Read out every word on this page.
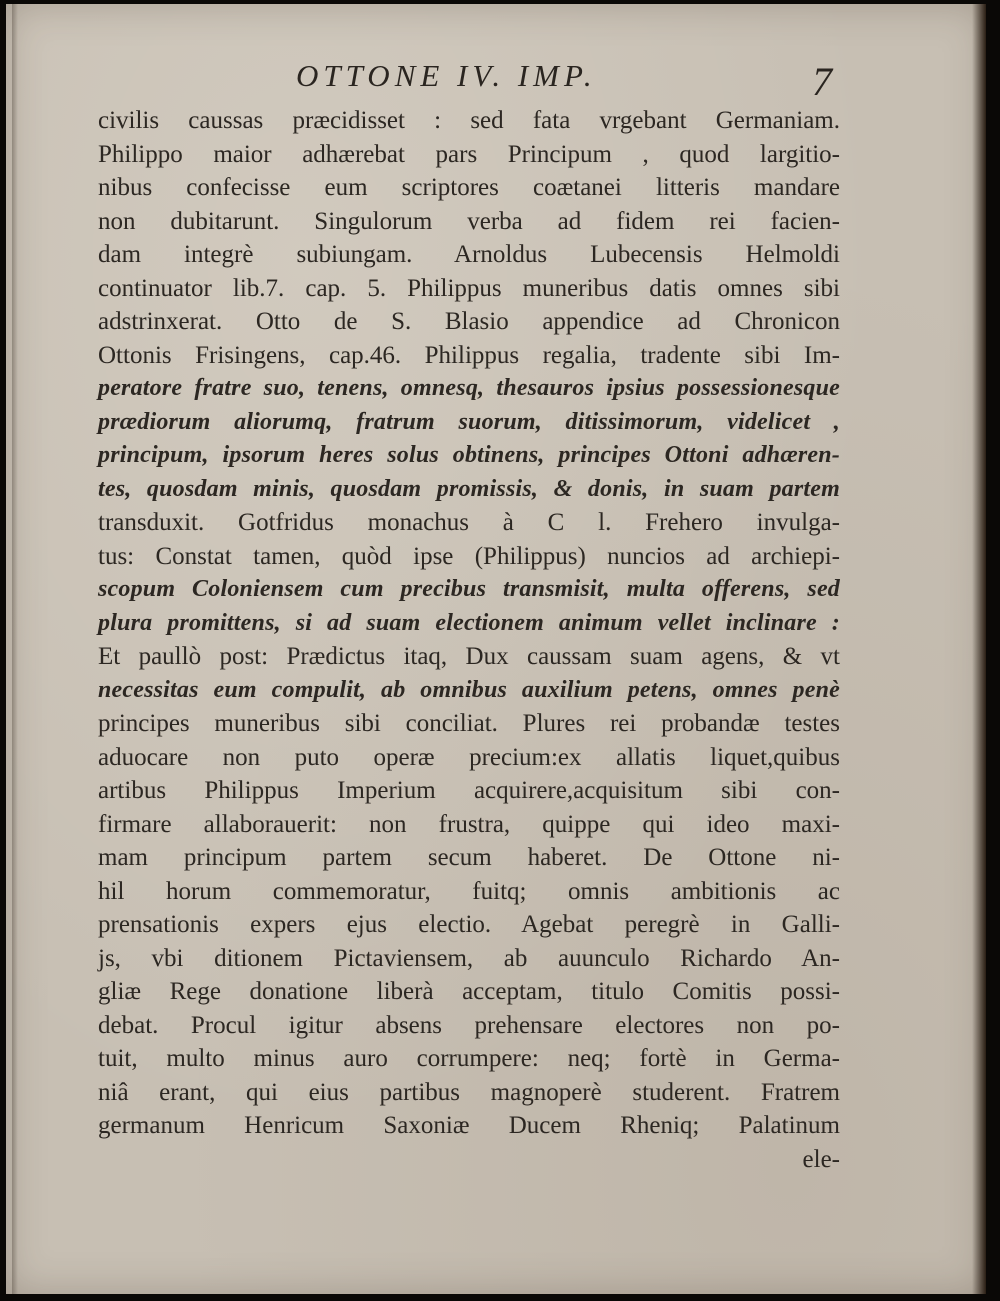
OTTONE IV. IMP.	7
civilis caussas præcidisset : sed fata vrgebant Germaniam.
Philippo maior adhærebat pars Principum , quod largitio-
nibus confecisse eum scriptores coætanei litteris mandare
non dubitarunt. Singulorum verba ad fidem rei facien-
dam integrè subiungam. Arnoldus Lubecensis Helmoldi
continuator lib.7. cap. 5. Philippus muneribus datis omnes sibi
adstrinxerat. Otto de S. Blasio appendice ad Chronicon
Ottonis Frisingens, cap.46. Philippus regalia, tradente sibi Im-
peratore fratre suo, tenens, omnesq, thesauros ipsius possessionesque
prædiorum aliorumq, fratrum suorum, ditissimorum, videlicet ,
principum, ipsorum heres solus obtinens, principes Ottoni adhæren-
tes, quosdam minis, quosdam promissis, & donis, in suam partem
transduxit. Gotfridus monachus à C l. Frehero invulga-
tus: Constat tamen, quòd ipse (Philippus) nuncios ad archiepi-
scopum Coloniensem cum precibus transmisit, multa offerens, sed
plura promittens, si ad suam electionem animum vellet inclinare :
Et paullò post: Prædictus itaq, Dux caussam suam agens, & vt
necessitas eum compulit, ab omnibus auxilium petens, omnes penè
principes muneribus sibi conciliat. Plures rei probandæ testes
aduocare non puto operæ precium:ex allatis liquet,quibus
artibus Philippus Imperium acquirere,acquisitum sibi con-
firmare allaborauerit: non frustra, quippe qui ideo maxi-
mam principum partem secum haberet. De Ottone ni-
hil horum commemoratur, fuitq; omnis ambitionis ac
prensationis expers ejus electio. Agebat peregrè in Galli-
js, vbi ditionem Pictaviensem, ab auunculo Richardo An-
gliæ Rege donatione liberà acceptam, titulo Comitis possi-
debat. Procul igitur absens prehensare electores non po-
tuit, multo minus auro corrumpere: neq; fortè in Germa-
niâ erant, qui eius partibus magnoperè studerent. Fratrem
germanum Henricum Saxoniæ Ducem Rheniq; Palatinum
ele-
